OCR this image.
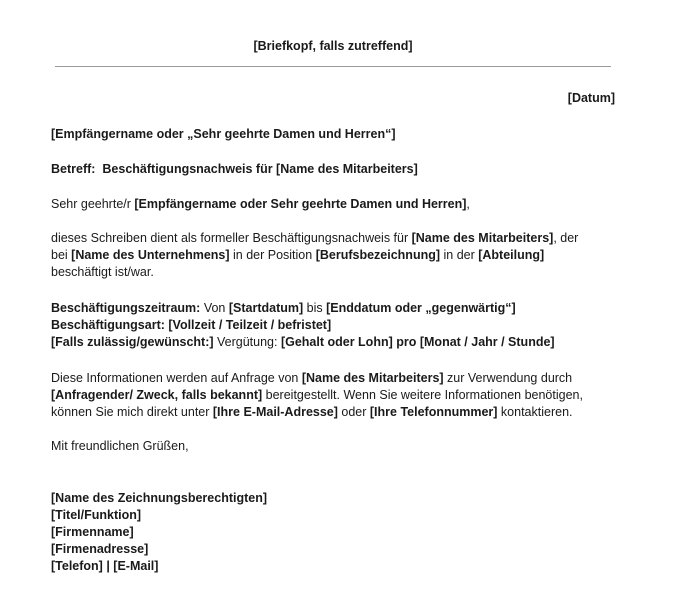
[Briefkopf, falls zutreffend]
[Datum]

[Empfängername oder „Sehr geehrte Damen und Herren“]

Betreff: Beschäftigungsnachweis für [Name des Mitarbeiters]

Sehr geehrte/r [Empfängername oder Sehr geehrte Damen und Herren],

dieses Schreiben dient als formeller Beschäftigungsnachweis für [Name des Mitarbeiters], der
bei [Name des Unternehmens] in der Position [Berufsbezeichnung] in der [Abteilung]
beschäftigt ist/war.

Beschäftigungszeitraum: Von [Startdatum] bis [Enddatum oder „gegenwärtig“]
Beschäftigungsart: [Vollzeit / Teilzeit / befristet]
[Falls zulässig/gewünscht:] Vergütung: [Gehalt oder Lohn] pro [Monat / Jahr / Stunde]

Diese Informationen werden auf Anfrage von [Name des Mitarbeiters] zur Verwendung durch
[Anfragender/ Zweck, falls bekannt] bereitgestellt. Wenn Sie weitere Informationen benötigen,
können Sie mich direkt unter [Ihre E-Mail-Adresse] oder [Ihre Telefonnummer] kontaktieren.

Mit freundlichen Grüßen,

[Name des Zeichnungsberechtigten]
[Titel/Funktion]
[Firmenname]
[Firmenadresse]
[Telefon] | [E-Mail]
